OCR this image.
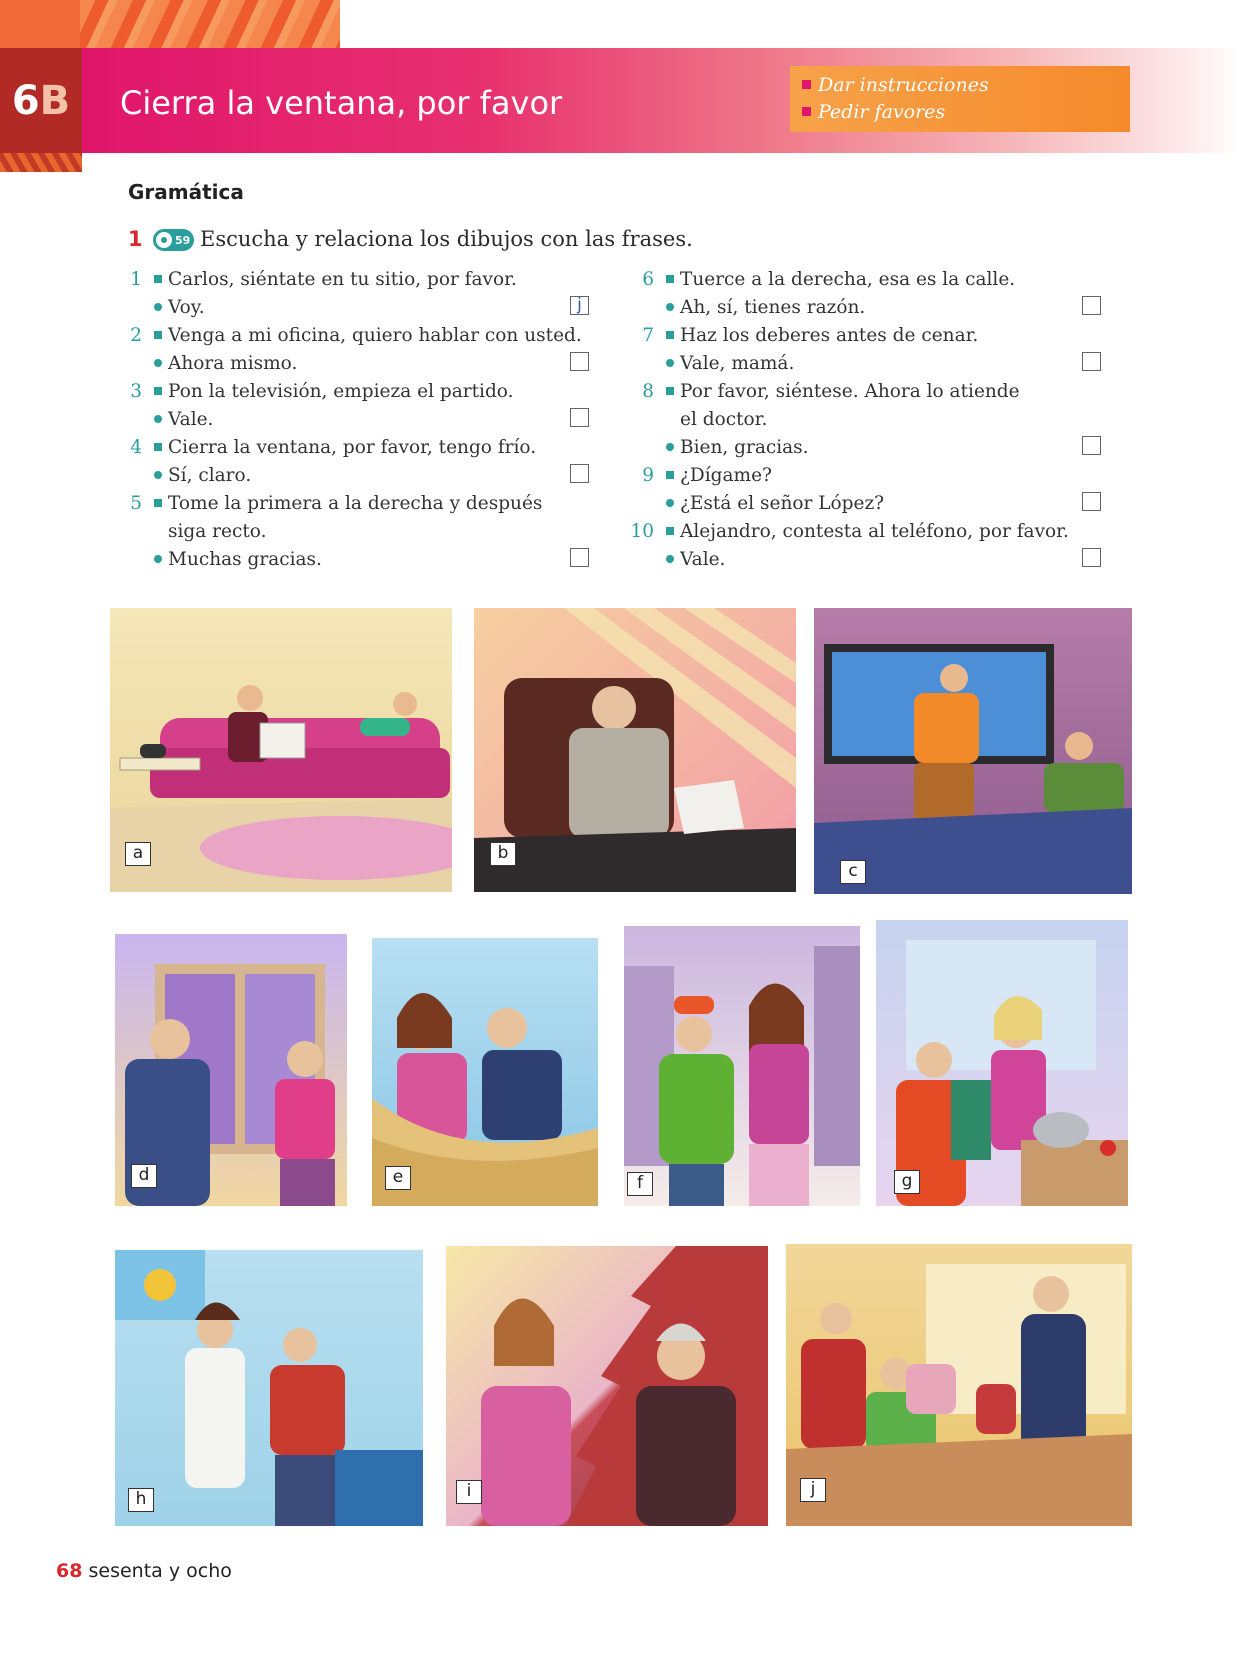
6 B Cierra la ventana, por favor	Dar instrucciones
Pedir favores
Gramática
1	59 Escucha y relaciona los dibujos con las frases.
1 Carlos, siéntate en tu sitio, por favor.
Voy.	j
2 Venga a mi oficina, quiero hablar con usted.
Ahora mismo.
3 Pon la televisión, empieza el partido.
Vale.
4 Cierra la ventana, por favor, tengo frío.
Sí, claro.
5 Tome la primera a la derecha y después
siga recto.
Muchas gracias.
6 Tuerce a la derecha, esa es la calle.
Ah, sí, tienes razón.
7 Haz los deberes antes de cenar.
Vale, mamá.
8 Por favor, siéntese. Ahora lo atiende
el doctor.
Bien, gracias.
9 ¿Dígame?
¿Está el señor López?
10 Alejandro, contesta al teléfono, por favor.
Vale.
a	b
c
d	e	f	g
h	i	j
68 sesenta y ocho
